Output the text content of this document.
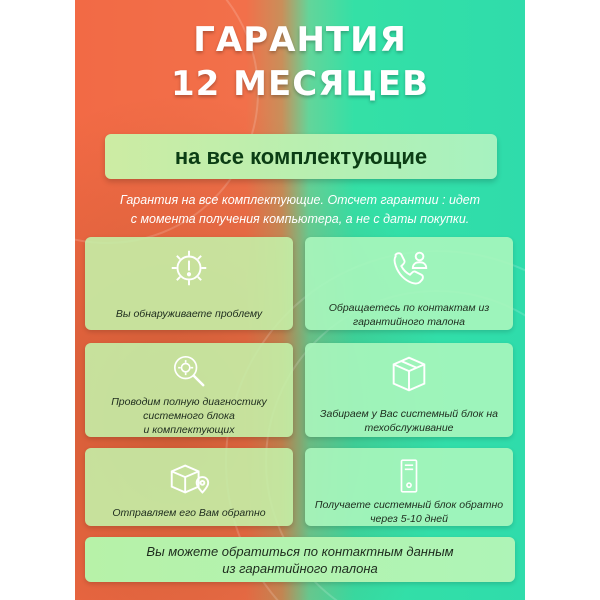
ГАРАНТИЯ
12 МЕСЯЦЕВ
на все комплектующие
Гарантия на все комплектующие. Отсчет гарантии : идет
с момента получения компьютера, а не с даты покупки.
Вы обнаруживаете проблему	Обращаетесь по контактам из
гарантийного талона
Проводим полную диагностику
системного блока
и комплектующих
Забираем у Вас системный блок на
техобслуживание
Отправляем его Вам обратно
Получаете системный блок обратно
через 5-10 дней
Вы можете обратиться по контактным данным
из гарантийного талона
